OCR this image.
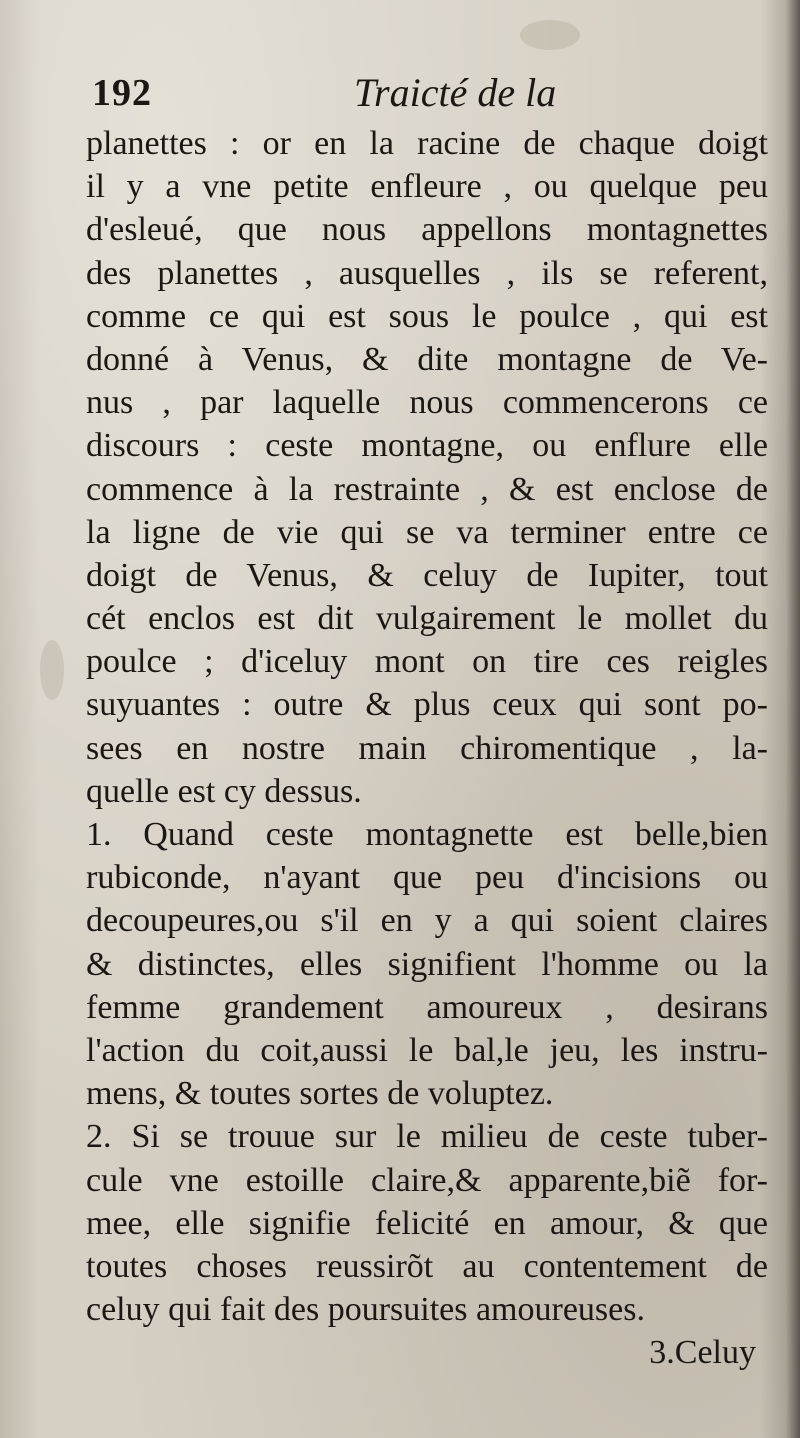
192	Traicté de la
planettes : or en la racine de chaque doigt
il y a vne petite enfleure , ou quelque peu
d'esleué, que nous appellons montagnettes
des planettes , ausquelles , ils se referent,
comme ce qui est sous le poulce , qui est
donné à Venus, & dite montagne de Ve-
nus , par laquelle nous commencerons ce
discours : ceste montagne, ou enflure elle
commence à la restrainte , & est enclose de
la ligne de vie qui se va terminer entre ce
doigt de Venus, & celuy de Iupiter, tout
cét enclos est dit vulgairement le mollet du
poulce ; d'iceluy mont on tire ces reigles
suyuantes : outre & plus ceux qui sont po-
sees en nostre main chiromentique , la-
quelle est cy dessus.
1. Quand ceste montagnette est belle,bien
rubiconde, n'ayant que peu d'incisions ou
decoupeures,ou s'il en y a qui soient claires
& distinctes, elles signifient l'homme ou la
femme grandement amoureux , desirans
l'action du coit,aussi le bal,le jeu, les instru-
mens, & toutes sortes de voluptez.
2. Si se trouue sur le milieu de ceste tuber-
cule vne estoille claire,& apparente,biẽ for-
mee, elle signifie felicité en amour, & que
toutes choses reussirõt au contentement de
celuy qui fait des poursuites amoureuses.
3.Celuy
